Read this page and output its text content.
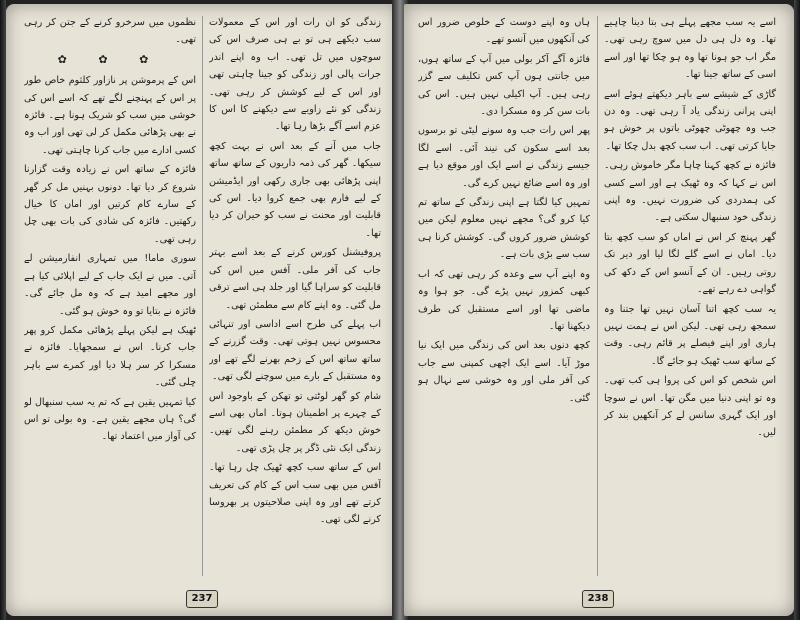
نظموں میں سرخرو کرنے کے جتن کر رہی تھی۔

✿ ✿ ✿

اس کے پرموشن پر نازاور کلثوم خاص طور پر اس کے پہنچنے لگے تھے کہ اسے اس کی خوشی میں سب کو شریک ہونا ہے۔ فائزہ نے بھی پڑھائی مکمل کر لی تھی اور اب وہ کسی ادارے میں جاب کرنا چاہتی تھی۔

فائزہ کے ساتھ اس نے زیادہ وقت گزارنا شروع کر دیا تھا۔ دونوں بہنیں مل کر گھر کے سارے کام کرتیں اور اماں کا خیال رکھتیں۔ فائزہ کی شادی کی بات بھی چل رہی تھی۔

سوری ماما! میں تمہاری انفارمیشن لے آتی۔ میں نے ایک جاب کے لیے اپلائی کیا ہے اور مجھے امید ہے کہ وہ مل جائے گی۔ فائزہ نے بتایا تو وہ خوش ہو گئی۔

ٹھیک ہے لیکن پہلے پڑھائی مکمل کرو پھر جاب کرنا۔ اس نے سمجھایا۔ فائزہ نے مسکرا کر سر ہلا دیا اور کمرے سے باہر چلی گئی۔

کیا تمہیں یقین ہے کہ تم یہ سب سنبھال لو گی؟ ہاں مجھے یقین ہے۔ وہ بولی تو اس کی آواز میں اعتماد تھا۔

زندگی کو ان رات اور اس کے معمولات سب دیکھے ہی تو بے ہی صرف اس کی سوچوں میں تل تھی۔ اب وہ اپنے اندر جرات پالی اور زندگی کو جینا چاہتی تھی اور اس کے لیے کوشش کر رہی تھی۔ زندگی کو نئے زاویے سے دیکھنے کا اس کا عزم اسے آگے بڑھا رہا تھا۔

جاب میں آنے کے بعد اس نے بہت کچھ سیکھا۔ گھر کی ذمہ داریوں کے ساتھ ساتھ اپنی پڑھائی بھی جاری رکھی اور ایڈمیشن کے لیے فارم بھی جمع کروا دیا۔ اس کی قابلیت اور محنت نے سب کو حیران کر دیا تھا۔

پروفیشنل کورس کرنے کے بعد اسے بہتر جاب کی آفر ملی۔ آفس میں اس کی قابلیت کو سراہا گیا اور جلد ہی اسے ترقی مل گئی۔ وہ اپنے کام سے مطمئن تھی۔

اب پہلے کی طرح اسے اداسی اور تنہائی محسوس نہیں ہوتی تھی۔ وقت گزرنے کے ساتھ ساتھ اس کے زخم بھرنے لگے تھے اور وہ مستقبل کے بارے میں سوچنے لگی تھی۔

شام کو گھر لوٹتی تو تھکن کے باوجود اس کے چہرے پر اطمینان ہوتا۔ اماں بھی اسے خوش دیکھ کر مطمئن رہنے لگی تھیں۔ زندگی ایک نئی ڈگر پر چل پڑی تھی۔

اس کے ساتھ سب کچھ ٹھیک چل رہا تھا۔ آفس میں بھی سب اس کے کام کی تعریف کرتے تھے اور وہ اپنی صلاحیتوں پر بھروسا کرنے لگی تھی۔

237

ہاں وہ اپنے دوست کے خلوص ضرور اس کی آنکھوں میں آنسو تھے۔

فائزہ آگے آکر بولی میں آپ کے ساتھ ہوں، میں جانتی ہوں آپ کس تکلیف سے گزر رہی ہیں۔ آپ اکیلی نہیں ہیں۔ اس کی بات سن کر وہ مسکرا دی۔

پھر اس رات جب وہ سونے لیٹی تو برسوں بعد اسے سکون کی نیند آئی۔ اسے لگا جیسے زندگی نے اسے ایک اور موقع دیا ہے اور وہ اسے ضائع نہیں کرے گی۔

تمہیں کیا لگتا ہے اپنی زندگی کے ساتھ تم کیا کرو گی؟ مجھے نہیں معلوم لیکن میں کوشش ضرور کروں گی۔ کوشش کرنا ہی سب سے بڑی بات ہے۔

وہ اپنے آپ سے وعدہ کر رہی تھی کہ اب کبھی کمزور نہیں پڑے گی۔ جو ہوا وہ ماضی تھا اور اسے مستقبل کی طرف دیکھنا تھا۔

کچھ دنوں بعد اس کی زندگی میں ایک نیا موڑ آیا۔ اسے ایک اچھی کمپنی سے جاب کی آفر ملی اور وہ خوشی سے نہال ہو گئی۔

اسے یہ سب مجھے پہلے ہی بتا دینا چاہیے تھا۔ وہ دل ہی دل میں سوچ رہی تھی۔ مگر اب جو ہونا تھا وہ ہو چکا تھا اور اسے اسی کے ساتھ جینا تھا۔

گاڑی کے شیشے سے باہر دیکھتے ہوئے اسے اپنی پرانی زندگی یاد آ رہی تھی۔ وہ دن جب وہ چھوٹی چھوٹی باتوں پر خوش ہو جایا کرتی تھی۔ اب سب کچھ بدل چکا تھا۔

فائزہ نے کچھ کہنا چاہا مگر خاموش رہی۔ اس نے کہا کہ وہ ٹھیک ہے اور اسے کسی کی ہمدردی کی ضرورت نہیں۔ وہ اپنی زندگی خود سنبھال سکتی ہے۔

گھر پہنچ کر اس نے اماں کو سب کچھ بتا دیا۔ اماں نے اسے گلے لگا لیا اور دیر تک روتی رہیں۔ ان کے آنسو اس کے دکھ کی گواہی دے رہے تھے۔

یہ سب کچھ اتنا آسان نہیں تھا جتنا وہ سمجھ رہی تھی۔ لیکن اس نے ہمت نہیں ہاری اور اپنے فیصلے پر قائم رہی۔ وقت کے ساتھ سب ٹھیک ہو جائے گا۔

اس شخص کو اس کی پروا ہی کب تھی۔ وہ تو اپنی دنیا میں مگن تھا۔ اس نے سوچا اور ایک گہری سانس لے کر آنکھیں بند کر لیں۔

238
